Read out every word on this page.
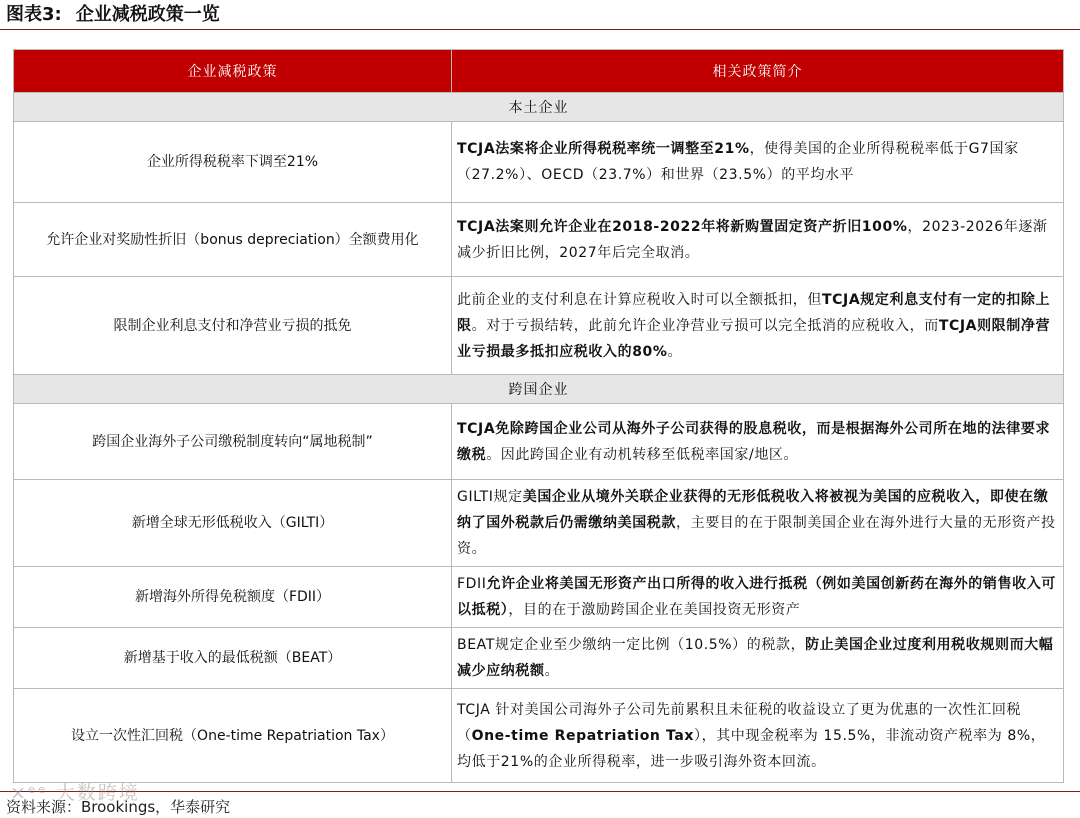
图表3: 企业减税政策一览
企业减税政策	相关政策简介
本土企业	
企业所得税税率下调至21%	TCJA法案将企业所得税税率统一调整至21%，使得美国的企业所得税税率低于G7国家（27.2%）、OECD（23.7%）和世界（23.5%）的平均水平
允许企业对奖励性折旧（bonus depreciation）全额费用化	TCJA法案则允许企业在2018-2022年将新购置固定资产折旧100%，2023-2026年逐渐减少折旧比例，2027年后完全取消。
限制企业利息支付和净营业亏损的抵免	此前企业的支付利息在计算应税收入时可以全额抵扣，但TCJA规定利息支付有一定的扣除上限。对于亏损结转，此前允许企业净营业亏损可以完全抵消的应税收入，而TCJA则限制净营业亏损最多抵扣应税收入的80%。
跨国企业	
跨国企业海外子公司缴税制度转向“属地税制”	TCJA免除跨国企业公司从海外子公司获得的股息税收，而是根据海外公司所在地的法律要求缴税。因此跨国企业有动机转移至低税率国家/地区。
新增全球无形低税收入（GILTI）	GILTI规定美国企业从境外关联企业获得的无形低税收入将被视为美国的应税收入，即使在缴纳了国外税款后仍需缴纳美国税款，主要目的在于限制美国企业在海外进行大量的无形资产投资。
新增海外所得免税额度（FDII）	FDII允许企业将美国无形资产出口所得的收入进行抵税（例如美国创新药在海外的销售收入可以抵税），目的在于激励跨国企业在美国投资无形资产
新增基于收入的最低税额（BEAT）	BEAT规定企业至少缴纳一定比例（10.5%）的税款，防止美国企业过度利用税收规则而大幅减少应纳税额。
设立一次性汇回税（One-time Repatriation Tax）	TCJA 针对美国公司海外子公司先前累积且未征税的收益设立了更为优惠的一次性汇回税（One-time Repatriation Tax），其中现金税率为 15.5%，非流动资产税率为 8%，均低于21%的企业所得税率，进一步吸引海外资本回流。
×ᵉᵉ 大数跨境
资料来源：Brookings，华泰研究
